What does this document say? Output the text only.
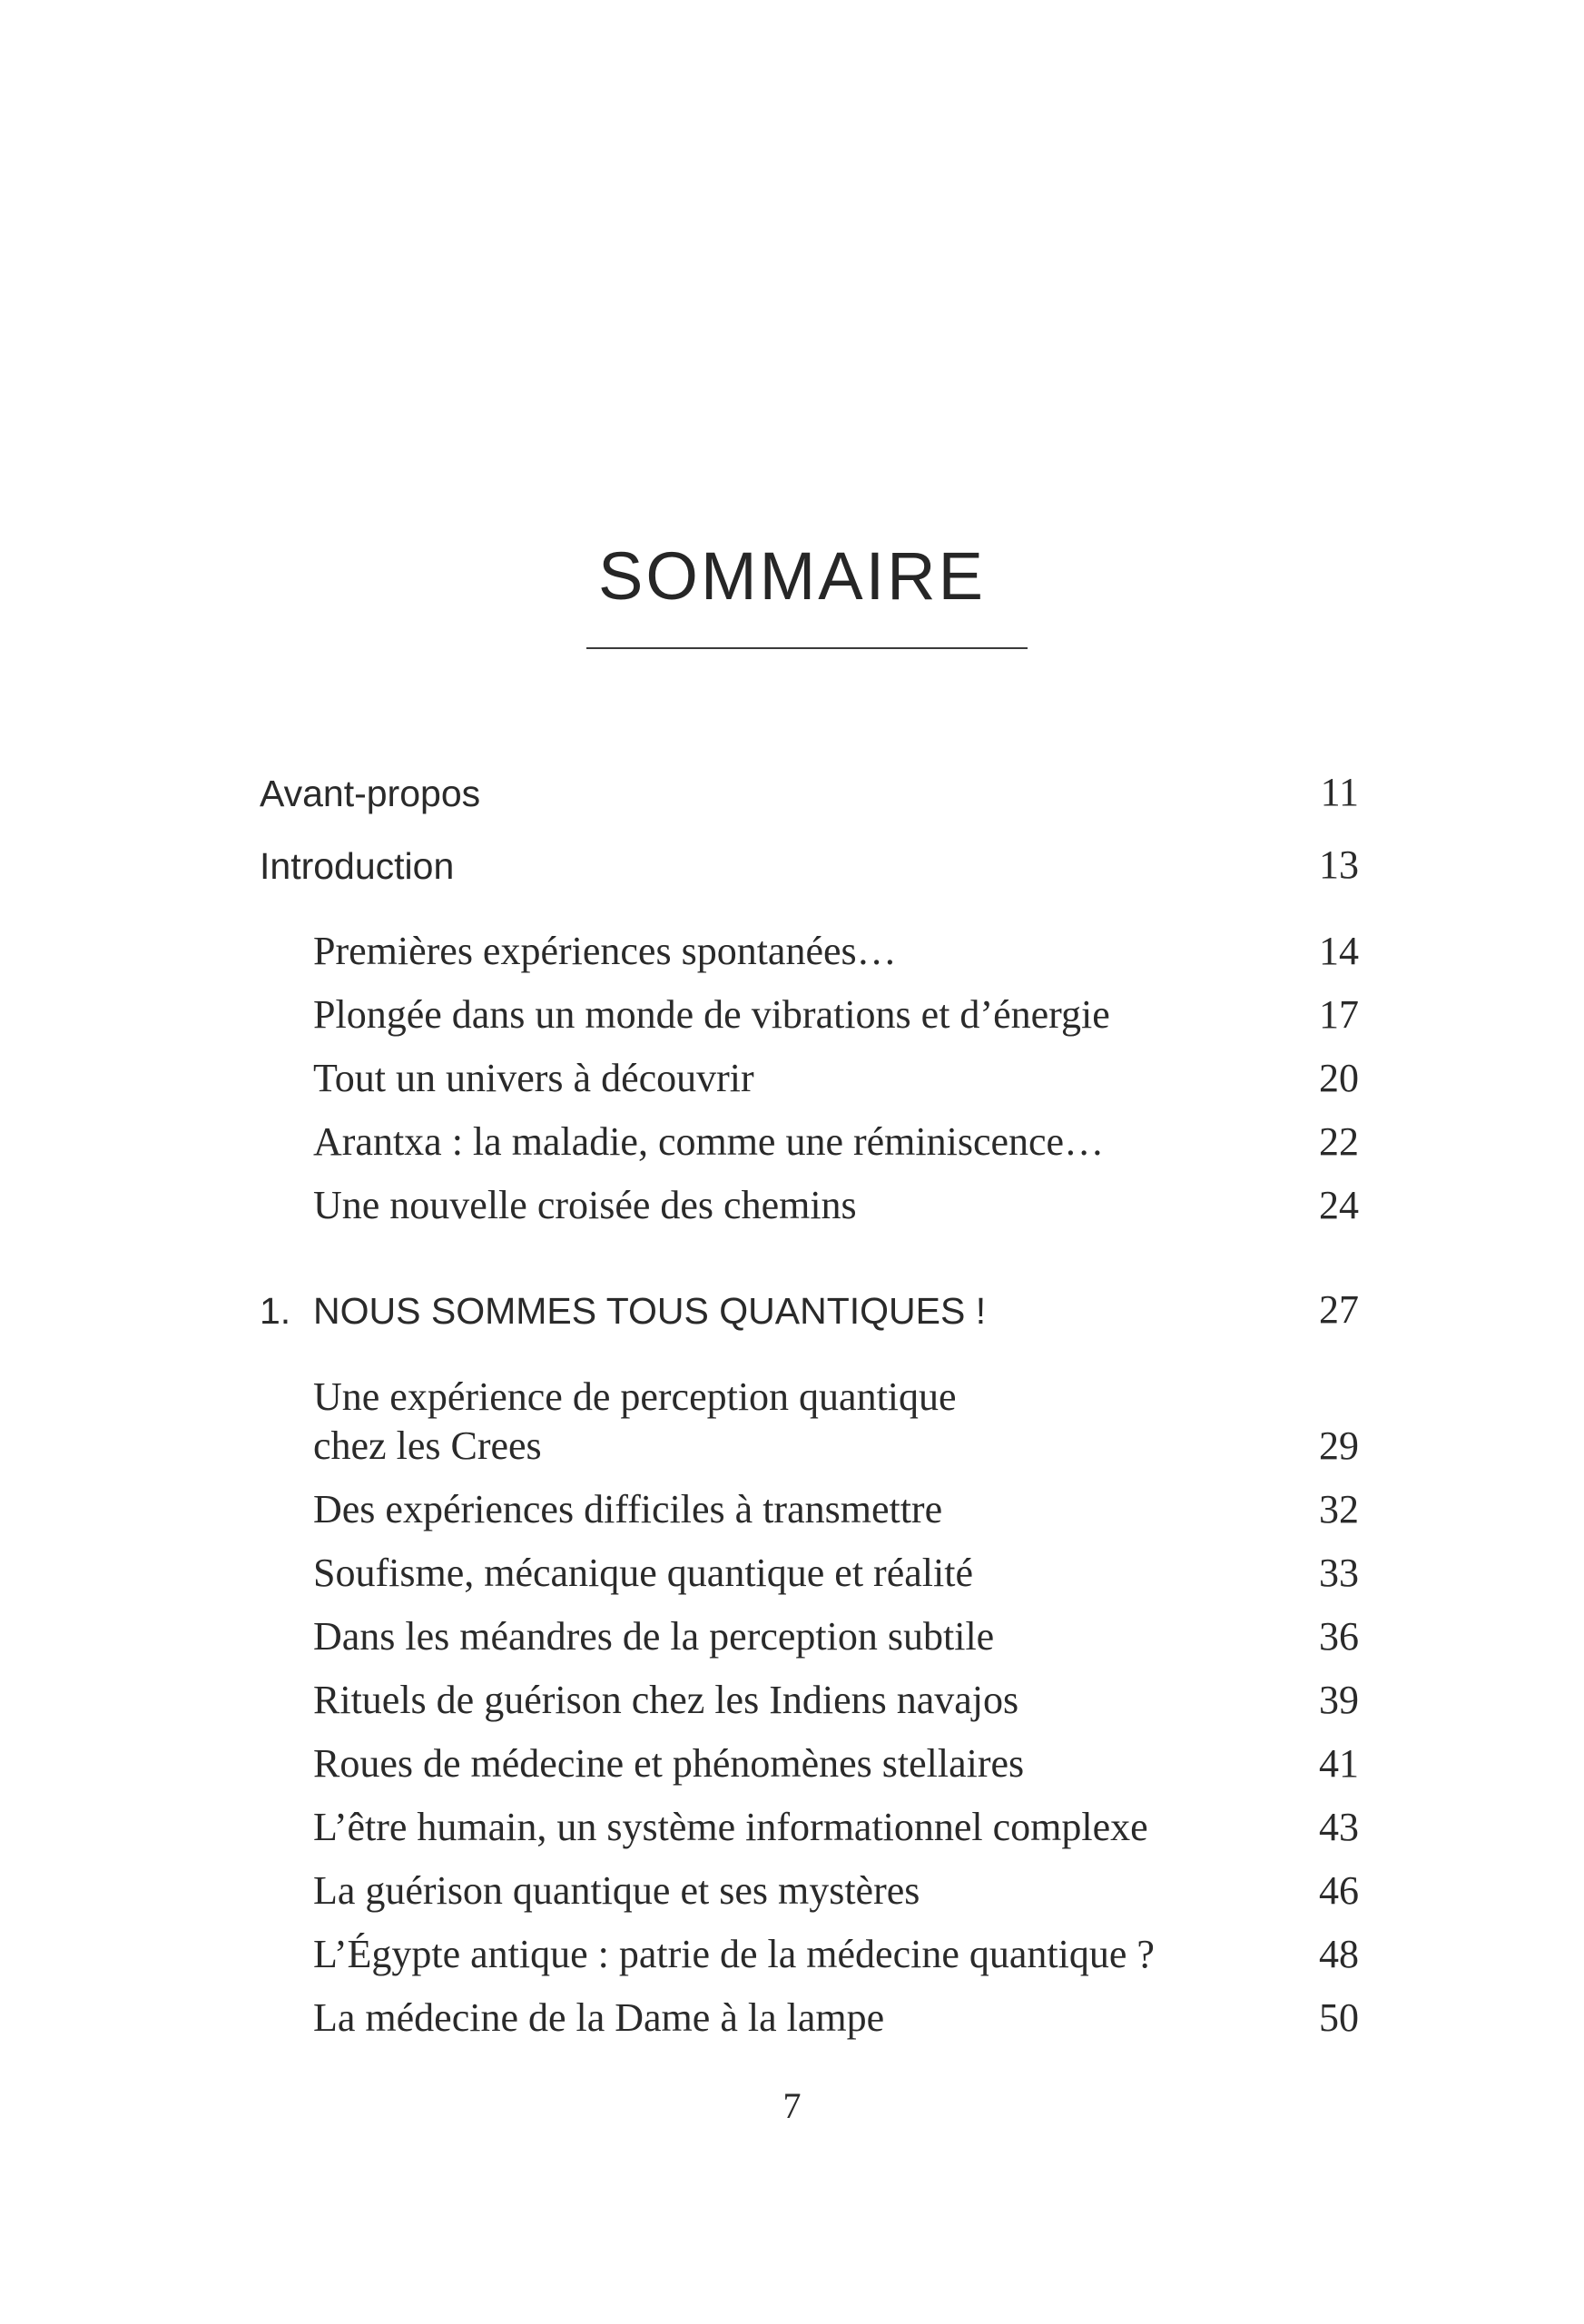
SOMMAIRE
Avant-propos	11
Introduction	13
Premières expériences spontanées…	14
Plongée dans un monde de vibrations et d’énergie	17
Tout un univers à découvrir	20
Arantxa : la maladie, comme une réminiscence…	22
Une nouvelle croisée des chemins	24
1. NOUS SOMMES TOUS QUANTIQUES !	27
Une expérience de perception quantique
chez les Crees	29
Des expériences difficiles à transmettre	32
Soufisme, mécanique quantique et réalité	33
Dans les méandres de la perception subtile	36
Rituels de guérison chez les Indiens navajos	39
Roues de médecine et phénomènes stellaires	41
L’être humain, un système informationnel complexe	43
La guérison quantique et ses mystères	46
L’Égypte antique : patrie de la médecine quantique ?	48
La médecine de la Dame à la lampe	50
7
